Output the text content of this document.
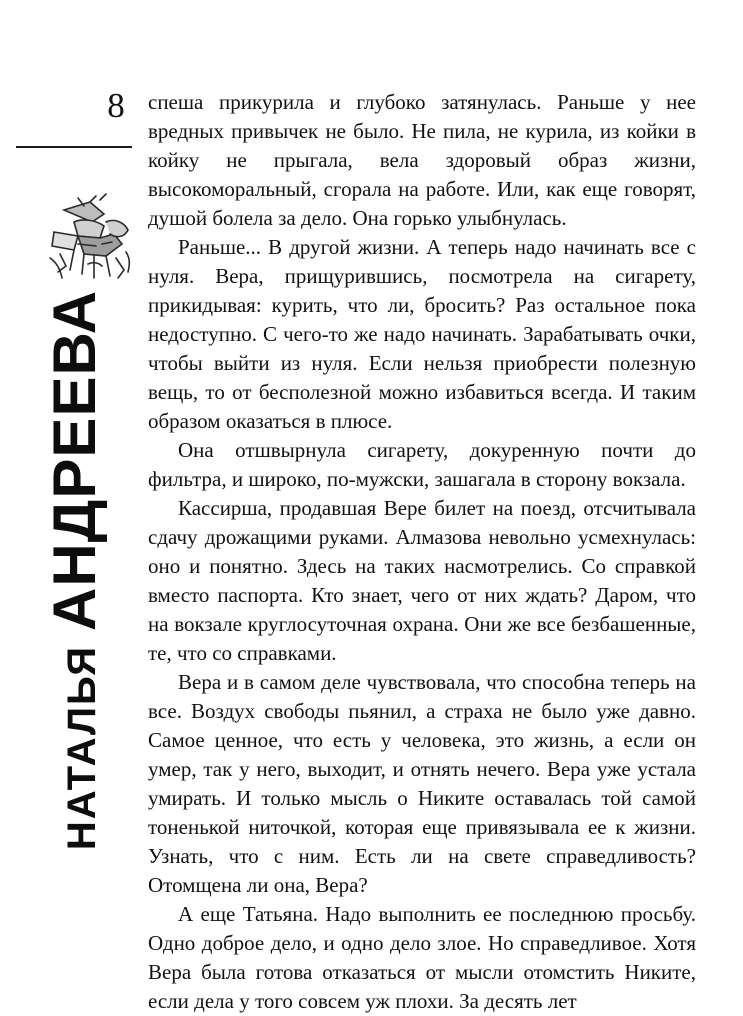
8
НАТАЛЬЯ
АНДРЕЕВА

спеша прикурила и глубоко затянулась. Раньше у нее вредных привычек не было. Не пила, не курила, из койки в койку не прыгала, вела здоровый образ жизни, высокоморальный, сгорала на работе. Или, как еще говорят, душой болела за дело. Она горько улыбнулась.

Раньше... В другой жизни. А теперь надо начинать все с нуля. Вера, прищурившись, посмотрела на сигарету, прикидывая: курить, что ли, бросить? Раз остальное пока недоступно. С чего-то же надо начинать. Зарабатывать очки, чтобы выйти из нуля. Если нельзя приобрести полезную вещь, то от бесполезной можно избавиться всегда. И таким образом оказаться в плюсе.

Она отшвырнула сигарету, докуренную почти до фильтра, и широко, по-мужски, зашагала в сторону вокзала.

Кассирша, продавшая Вере билет на поезд, отсчитывала сдачу дрожащими руками. Алмазова невольно усмехнулась: оно и понятно. Здесь на таких насмотрелись. Со справкой вместо паспорта. Кто знает, чего от них ждать? Даром, что на вокзале круглосуточная охрана. Они же все безбашенные, те, что со справками.

Вера и в самом деле чувствовала, что способна теперь на все. Воздух свободы пьянил, а страха не было уже давно. Самое ценное, что есть у человека, это жизнь, а если он умер, так у него, выходит, и отнять нечего. Вера уже устала умирать. И только мысль о Никите оставалась той самой тоненькой ниточкой, которая еще привязывала ее к жизни. Узнать, что с ним. Есть ли на свете справедливость? Отомщена ли она, Вера?

А еще Татьяна. Надо выполнить ее последнюю просьбу. Одно доброе дело, и одно дело злое. Но справедливое. Хотя Вера была готова отказаться от мысли отомстить Никите, если дела у того совсем уж плохи. За десять лет
